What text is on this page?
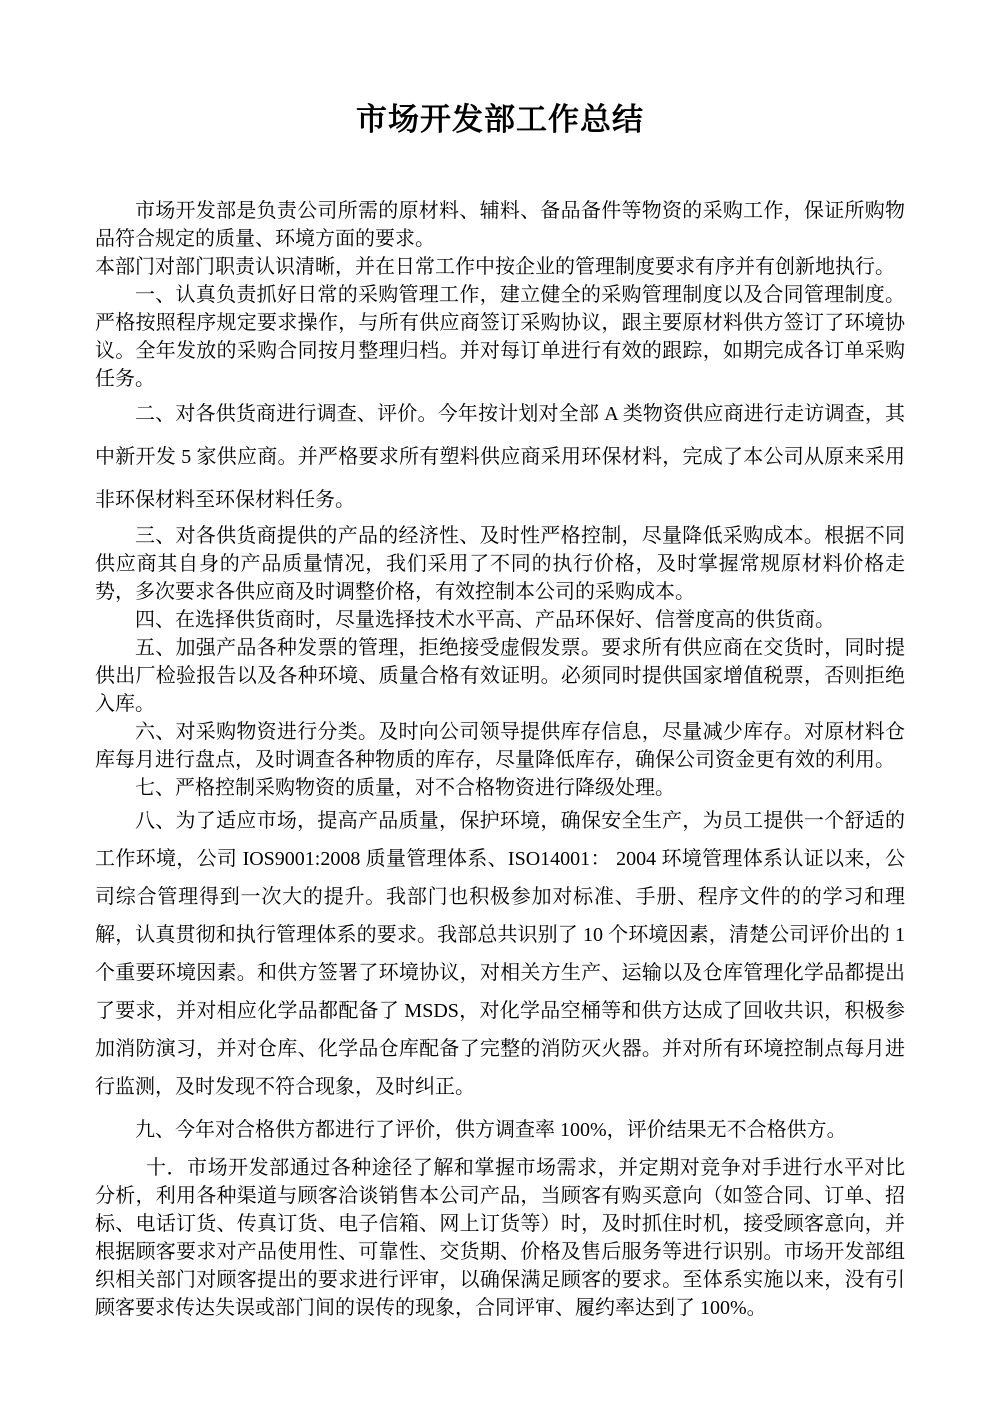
市场开发部工作总结

市场开发部是负责公司所需的原材料、辅料、备品备件等物资的采购工作，保证所购物品符合规定的质量、环境方面的要求。

本部门对部门职责认识清晰，并在日常工作中按企业的管理制度要求有序并有创新地执行。

一、认真负责抓好日常的采购管理工作，建立健全的采购管理制度以及合同管理制度。严格按照程序规定要求操作，与所有供应商签订采购协议，跟主要原材料供方签订了环境协议。全年发放的采购合同按月整理归档。并对每订单进行有效的跟踪，如期完成各订单采购任务。

二、对各供货商进行调查、评价。今年按计划对全部 A 类物资供应商进行走访调查，其中新开发 5 家供应商。并严格要求所有塑料供应商采用环保材料，完成了本公司从原来采用非环保材料至环保材料任务。

三、对各供货商提供的产品的经济性、及时性严格控制，尽量降低采购成本。根据不同供应商其自身的产品质量情况，我们采用了不同的执行价格，及时掌握常规原材料价格走势，多次要求各供应商及时调整价格，有效控制本公司的采购成本。

四、在选择供货商时，尽量选择技术水平高、产品环保好、信誉度高的供货商。

五、加强产品各种发票的管理，拒绝接受虚假发票。要求所有供应商在交货时，同时提供出厂检验报告以及各种环境、质量合格有效证明。必须同时提供国家增值税票，否则拒绝入库。

六、对采购物资进行分类。及时向公司领导提供库存信息，尽量减少库存。对原材料仓库每月进行盘点，及时调查各种物质的库存，尽量降低库存，确保公司资金更有效的利用。

七、严格控制采购物资的质量，对不合格物资进行降级处理。

八、为了适应市场，提高产品质量，保护环境，确保安全生产，为员工提供一个舒适的工作环境，公司 IOS9001:2008 质量管理体系、ISO14001： 2004 环境管理体系认证以来，公司综合管理得到一次大的提升。我部门也积极参加对标准、手册、程序文件的的学习和理解，认真贯彻和执行管理体系的要求。我部总共识别了 10 个环境因素，清楚公司评价出的 1 个重要环境因素。和供方签署了环境协议，对相关方生产、运输以及仓库管理化学品都提出了要求，并对相应化学品都配备了 MSDS，对化学品空桶等和供方达成了回收共识，积极参加消防演习，并对仓库、化学品仓库配备了完整的消防灭火器。并对所有环境控制点每月进行监测，及时发现不符合现象，及时纠正。

九、今年对合格供方都进行了评价，供方调查率 100%，评价结果无不合格供方。

十．市场开发部通过各种途径了解和掌握市场需求，并定期对竞争对手进行水平对比分析，利用各种渠道与顾客洽谈销售本公司产品，当顾客有购买意向（如签合同、订单、招标、电话订货、传真订货、电子信箱、网上订货等）时，及时抓住时机，接受顾客意向，并根据顾客要求对产品使用性、可靠性、交货期、价格及售后服务等进行识别。市场开发部组织相关部门对顾客提出的要求进行评审，以确保满足顾客的要求。至体系实施以来，没有引顾客要求传达失误或部门间的误传的现象，合同评审、履约率达到了 100%。
